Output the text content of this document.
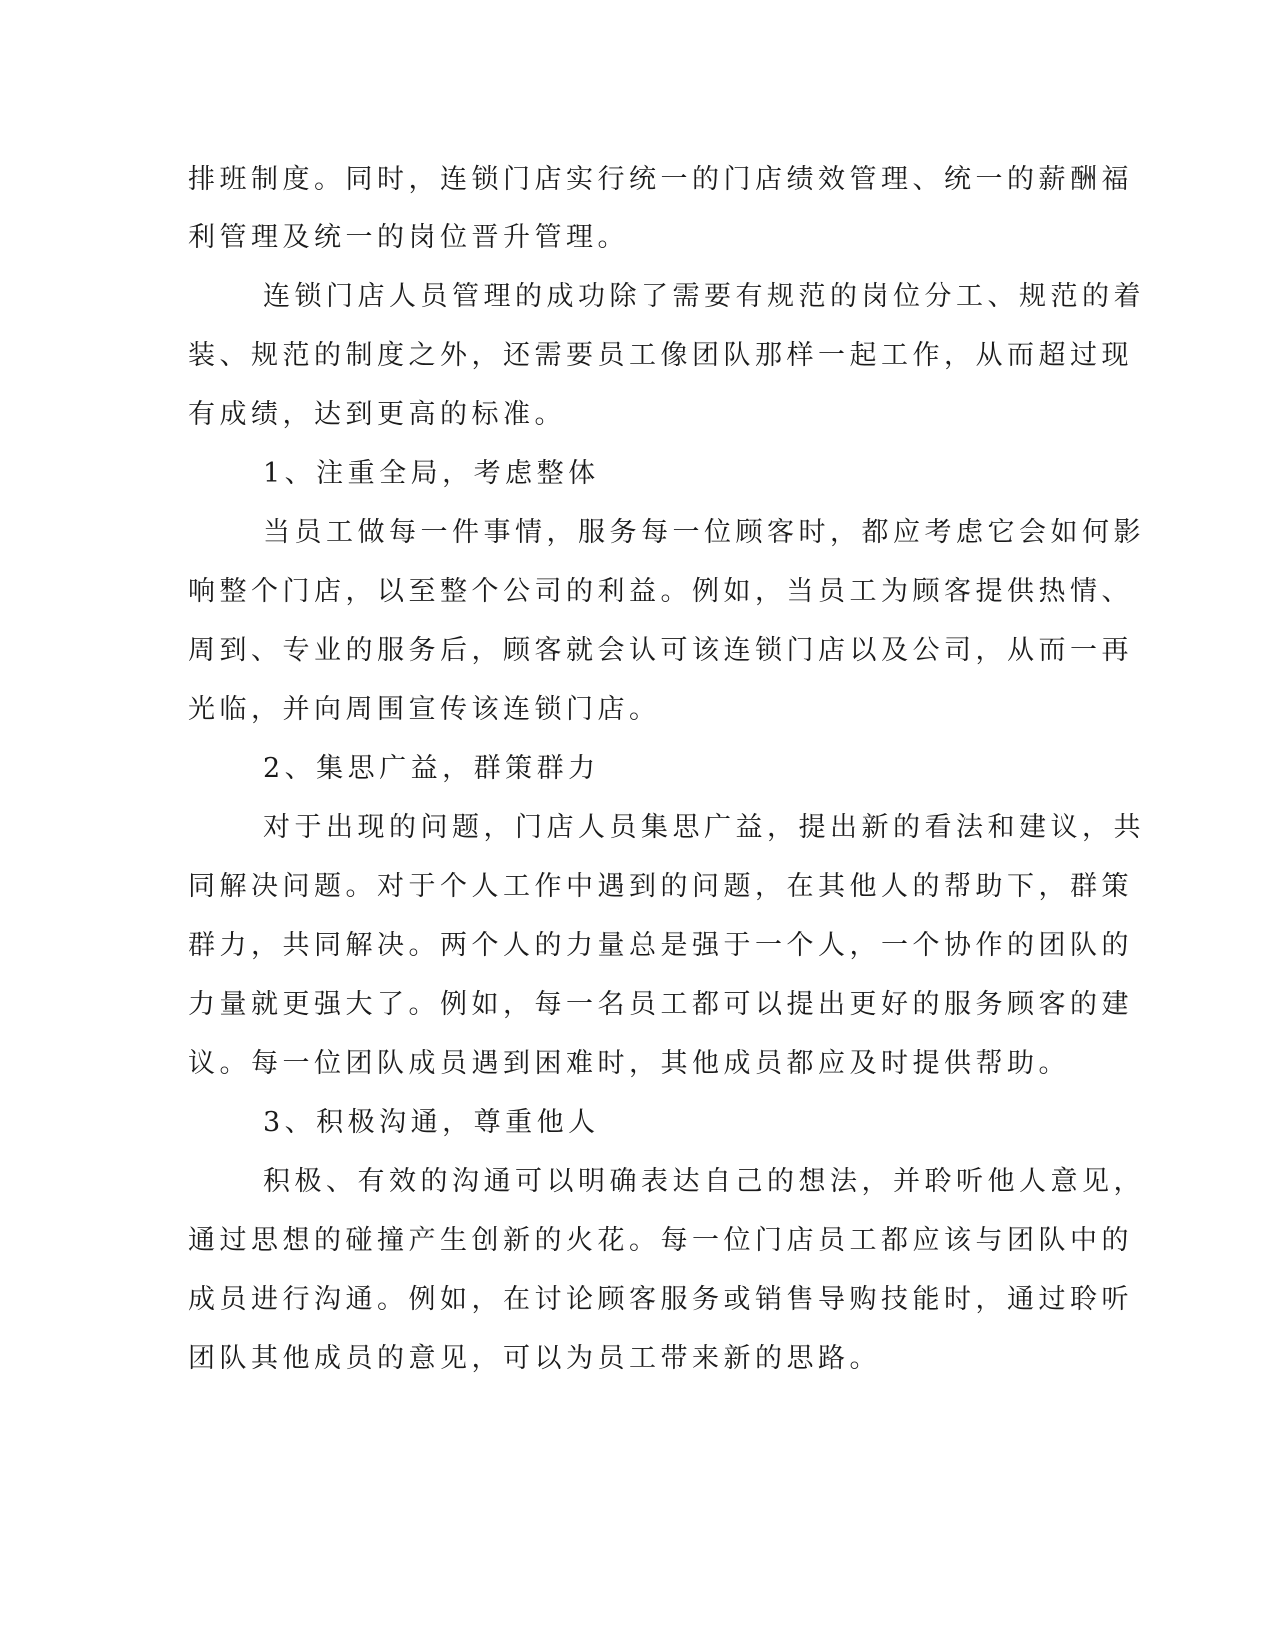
排班制度。同时，连锁门店实行统一的门店绩效管理、统一的薪酬福
利管理及统一的岗位晋升管理。
连锁门店人员管理的成功除了需要有规范的岗位分工、规范的着
装、规范的制度之外，还需要员工像团队那样一起工作，从而超过现
有成绩，达到更高的标准。
1、注重全局，考虑整体
当员工做每一件事情，服务每一位顾客时，都应考虑它会如何影
响整个门店，以至整个公司的利益。例如，当员工为顾客提供热情、
周到、专业的服务后，顾客就会认可该连锁门店以及公司，从而一再
光临，并向周围宣传该连锁门店。
2、集思广益，群策群力
对于出现的问题，门店人员集思广益，提出新的看法和建议，共
同解决问题。对于个人工作中遇到的问题，在其他人的帮助下，群策
群力，共同解决。两个人的力量总是强于一个人，一个协作的团队的
力量就更强大了。例如，每一名员工都可以提出更好的服务顾客的建
议。每一位团队成员遇到困难时，其他成员都应及时提供帮助。
3、积极沟通，尊重他人
积极、有效的沟通可以明确表达自己的想法，并聆听他人意见，
通过思想的碰撞产生创新的火花。每一位门店员工都应该与团队中的
成员进行沟通。例如，在讨论顾客服务或销售导购技能时，通过聆听
团队其他成员的意见，可以为员工带来新的思路。
